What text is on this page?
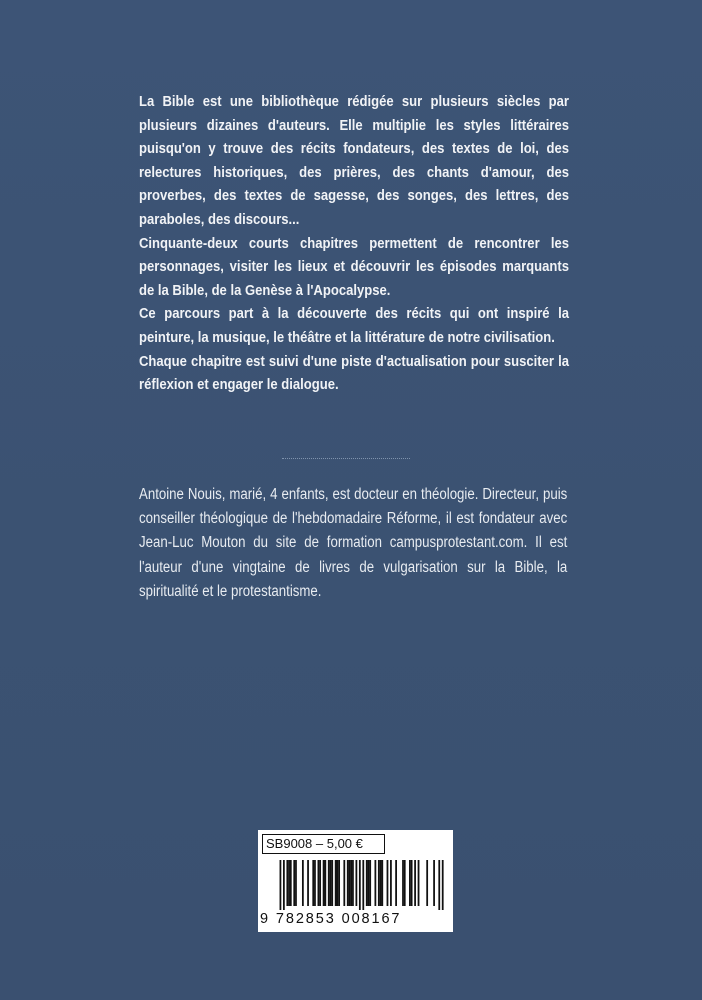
La Bible est une bibliothèque rédigée sur plusieurs siècles par plusieurs dizaines d'auteurs. Elle multiplie les styles littéraires puisqu'on y trouve des récits fondateurs, des textes de loi, des relectures historiques, des prières, des chants d'amour, des proverbes, des textes de sagesse, des songes, des lettres, des paraboles, des discours...

Cinquante-deux courts chapitres permettent de rencontrer les personnages, visiter les lieux et découvrir les épisodes marquants de la Bible, de la Genèse à l'Apocalypse.

Ce parcours part à la découverte des récits qui ont inspiré la peinture, la musique, le théâtre et la littérature de notre civilisation.

Chaque chapitre est suivi d'une piste d'actualisation pour susciter la réflexion et engager le dialogue.

Antoine Nouis, marié, 4 enfants, est docteur en théologie. Directeur, puis conseiller théologique de l'hebdomadaire Réforme, il est fondateur avec Jean-Luc Mouton du site de formation campusprotestant.com. Il est l'auteur d'une vingtaine de livres de vulgarisation sur la Bible, la spiritualité et le protestantisme.

SB9008 – 5,00 €
9 782853 008167
